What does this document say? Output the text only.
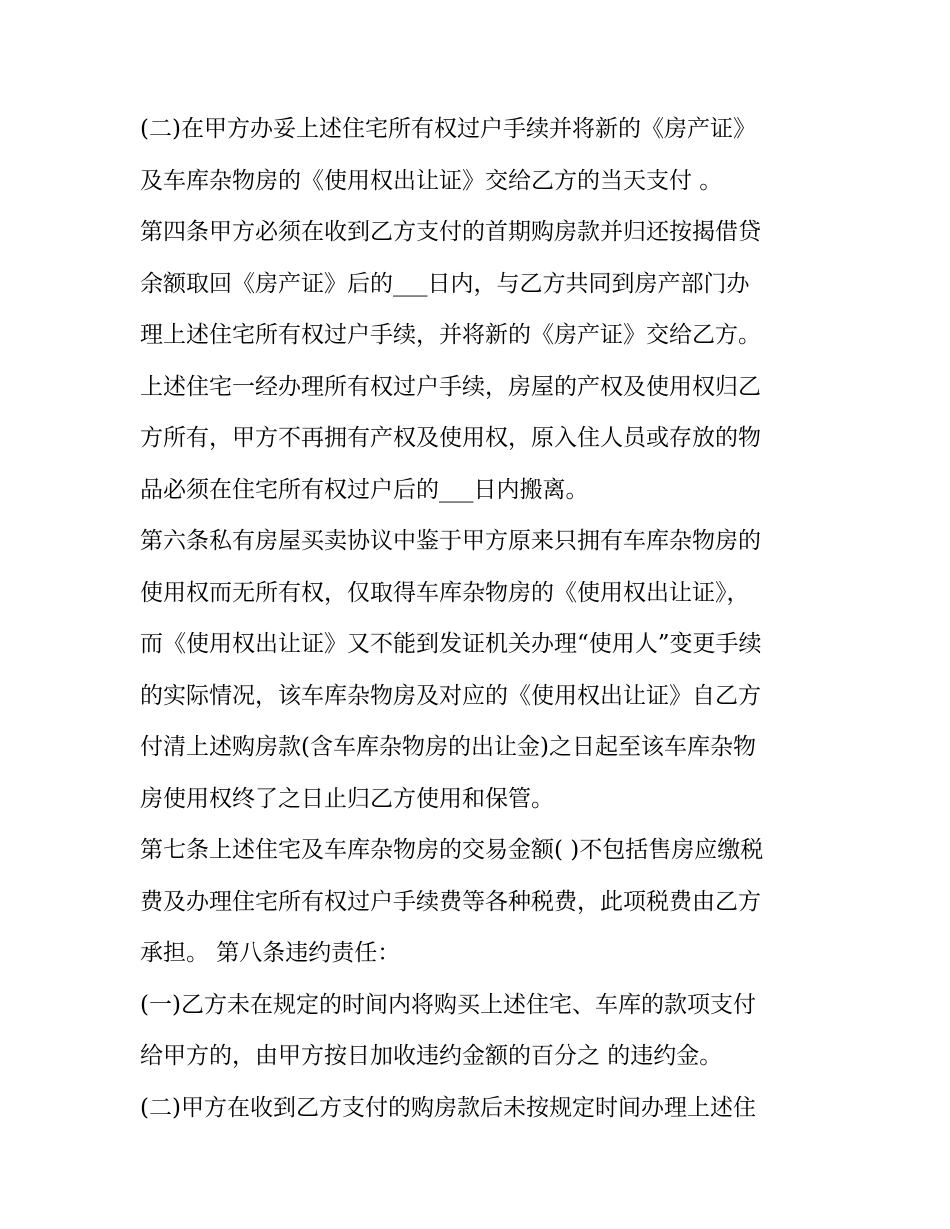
(二)在甲方办妥上述住宅所有权过户手续并将新的《房产证》
及车库杂物房的《使用权出让证》交给乙方的当天支付 。
第四条甲方必须在收到乙方支付的首期购房款并归还按揭借贷
余额取回《房产证》后的___日内，与乙方共同到房产部门办
理上述住宅所有权过户手续，并将新的《房产证》交给乙方。
上述住宅一经办理所有权过户手续，房屋的产权及使用权归乙
方所有，甲方不再拥有产权及使用权，原入住人员或存放的物
品必须在住宅所有权过户后的___日内搬离。
第六条私有房屋买卖协议中鉴于甲方原来只拥有车库杂物房的
使用权而无所有权，仅取得车库杂物房的《使用权出让证》，
而《使用权出让证》又不能到发证机关办理“使用人”变更手续
的实际情况，该车库杂物房及对应的《使用权出让证》自乙方
付清上述购房款(含车库杂物房的出让金)之日起至该车库杂物
房使用权终了之日止归乙方使用和保管。
第七条上述住宅及车库杂物房的交易金额( )不包括售房应缴税
费及办理住宅所有权过户手续费等各种税费，此项税费由乙方
承担。 第八条违约责任：
(一)乙方未在规定的时间内将购买上述住宅、车库的款项支付
给甲方的，由甲方按日加收违约金额的百分之 的违约金。
(二)甲方在收到乙方支付的购房款后未按规定时间办理上述住
